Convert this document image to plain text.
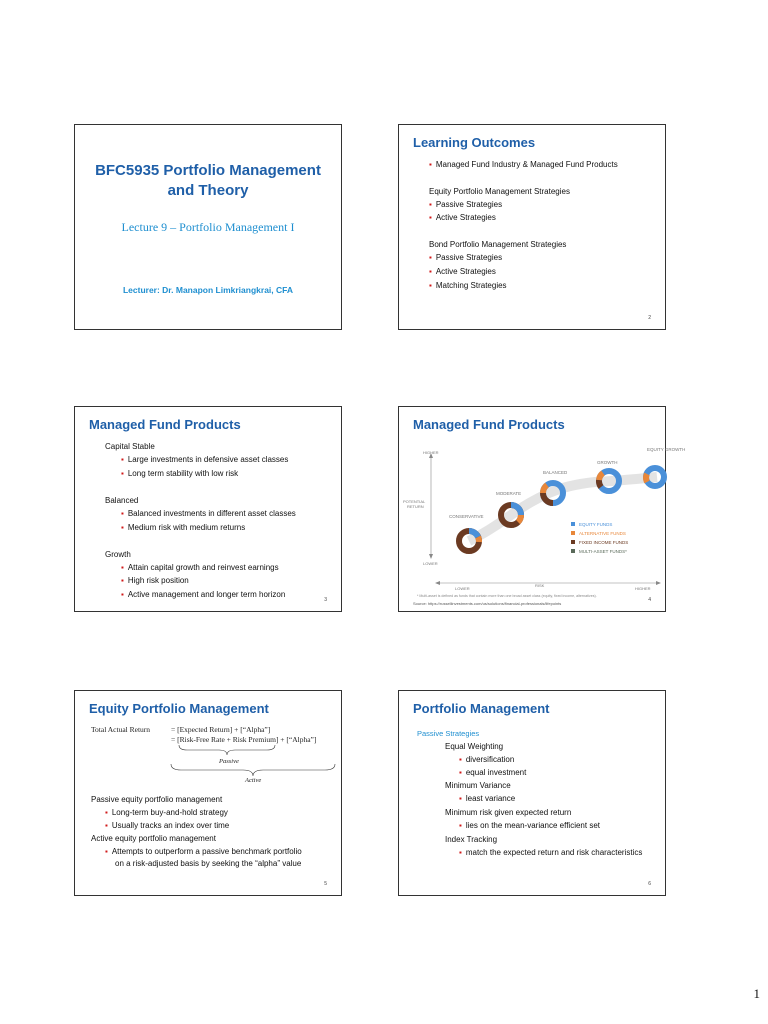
BFC5935 Portfolio Management
and Theory
Lecture 9 – Portfolio Management I
Lecturer: Dr. Manapon Limkriangkrai, CFA
Learning Outcomes
▪ Managed Fund Industry & Managed Fund Products
Equity Portfolio Management Strategies
▪ Passive Strategies
▪ Active Strategies
Bond Portfolio Management Strategies
▪ Passive Strategies
▪ Active Strategies
▪ Matching Strategies
2
Managed Fund Products
Capital Stable
▪ Large investments in defensive asset classes
▪ Long term stability with low risk
Balanced
▪ Balanced investments in different asset classes
▪ Medium risk with medium returns
Growth
▪ Attain capital growth and reinvest earnings
▪ High risk position
▪ Active management and longer term horizon
3
Managed Fund Products
HIGHER
POTENTIAL
RETURN
LOWER
LOWER
RISK
HIGHER
CONSERVATIVE
MODERATE
BALANCED
GROWTH
EQUITY GROWTH
EQUITY FUNDS
ALTERNATIVE FUNDS
FIXED INCOME FUNDS
MULTI-ASSET FUNDS*
* Multi-asset is defined as funds that contain more than one broad asset class (equity, fixed income, alternatives).
Source: https://russellinvestments.com/us/solutions/financial-professionals/lifepoints
4
Equity Portfolio Management
Total Actual Return	= [Expected Return] + [“Alpha”]
= [Risk-Free Rate + Risk Premium] + [“Alpha”]
Passive
Active
Passive equity portfolio management
▪ Long-term buy-and-hold strategy
▪ Usually tracks an index over time
Active equity portfolio management
▪ Attempts to outperform a passive benchmark portfolio
on a risk-adjusted basis by seeking the “alpha” value
5
Portfolio Management
Passive Strategies
Equal Weighting
▪ diversification
▪ equal investment
Minimum Variance
▪ least variance
Minimum risk given expected return
▪ lies on the mean-variance efficient set
Index Tracking
▪ match the expected return and risk characteristics
6
1
